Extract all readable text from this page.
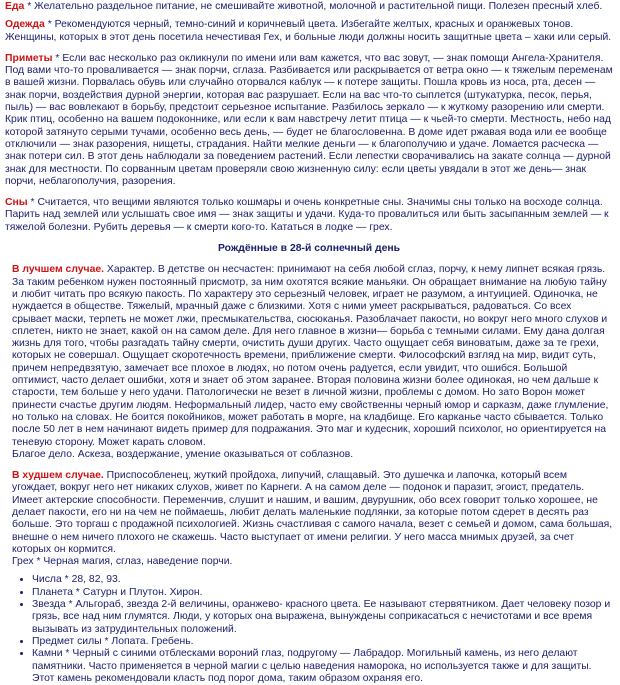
Еда * Желательно раздельное питание, не смешивайте животной, молочной и растительной пищи. Полезен пресный хлеб.

Одежда * Рекомендуются черный, темно-синий и коричневый цвета. Избегайте желтых, красных и оранжевых тонов. Женщины, которых в этот день посетила нечестивая Гех, и больные люди должны носить защитные цвета – хаки или серый.

Приметы * Если вас несколько раз окликнули по имени или вам кажется, что вас зовут, — знак помощи Ангела-Хранителя. Под вами что-то проваливается — знак порчи, сглаза. Разбивается или раскрывается от ветра окно — к тяжелым переменам в вашей жизни. Порвалась обувь или случайно оторвался каблук — к потере защиты. Пошла кровь из носа, рта, десен — знак порчи, воздействия дурной энергии, которая вас разрушает. Если на вас что-то сыплется (штукатурка, песок, перья, пыль) — вас вовлекают в борьбу, предстоит серьезное испытание. Разбилось зеркало — к жуткому разорению или смерти. Крик птиц, особенно на вашем подоконнике, или если к вам навстречу летит птица — к чьей-то смерти. Местность, небо над которой затянуто серыми тучами, особенно весь день, — будет не благословенна. В доме идет ржавая вода или ее вообще отключили — знак разорения, нищеты, страдания. Найти мелкие деньги — к благополучию и удаче. Ломается расческа — знак потери сил. В этот день наблюдали за поведением растений. Если лепестки сворачивались на закате солнца — дурной знак для местности. По сорванным цветам проверяли свою жизненную силу: если цветы увядали в этот же день— знак порчи, неблагополучия, разорения.

Сны * Считается, что вещими являются только кошмары и очень конкретные сны. Значимы сны только на восходе солнца. Парить над землей или услышать свое имя — знак защиты и удачи. Куда-то провалиться или быть засыпанным землей — к тяжелой болезни. Рубить деревья — к смерти кого-то. Кататься в лодке — грех.

Рождённые в 28-й солнечный день

В лучшем случае. Характер. В детстве он несчастен: принимают на себя любой сглаз, порчу, к нему липнет всякая грязь. За таким ребенком нужен постоянный присмотр, за ним охотятся всякие маньяки. Он обращает внимание на любую тайну и любит читать про всякую пакость. По характеру это серьезный человек, играет не разумом, а интуицией. Одиночка, не нуждается в обществе. Тяжелый, мрачный даже с близкими. Хотя с ними умеет раскрываться, радоваться. Со всех срывает маски, терпеть не может лжи, пресмыкательства, сюсюканья. Разоблачает пакости, но вокруг него много слухов и сплетен, никто не знает, какой он на самом деле. Для него главное в жизни— борьба с темными силами. Ему дана долгая жизнь для того, чтобы разгадать тайну смерти, очистить души других. Часто ощущает себя виноватым, даже за те грехи, которых не совершал. Ощущает скоротечность времени, приближение смерти. Философский взгляд на мир, видит суть, причем непредвзятую, замечает все плохое в людях, но потом очень радуется, если увидит, что ошибся. Большой оптимист, часто делает ошибки, хотя и знает об этом заранее. Вторая половина жизни более одинокая, но чем дальше к старости, тем больше у него удачи. Патологически не везет в личной жизни, проблемы с домом. Но зато Ворон может принести счастье другим людям. Неформальный лидер, часто ему свойственны черный юмор и сарказм, даже глумление, но только на словах. Не боится покойников, может работать в морге, на кладбище. Его карканье часто сбывается. Только после 50 лет в нем начинают видеть пример для подражания. Это маг и кудесник, хороший психолог, но ориентируется на теневую сторону. Может карать словом.

Благое дело. Аскеза, воздержание, умение оказываться от соблазнов.

В худшем случае. Приспособленец, жуткий пройдоха, липучий, слащавый. Это душечка и лапочка, который всем угождает, вокруг него нет никаких слухов, живет по Карнеги. А на самом деле — подонок и паразит, эгоист, предатель. Имеет актерские способности. Переменчив, слушит и нашим, и вашим, двурушник, обо всех говорит только хорошее, не делает пакости, его ни на чем не поймаешь, любит делать маленькие подлянки, за которые потом сдерет в десять раз больше. Это торгаш с продажной психологией. Жизнь счастливая с самого начала, везет с семьей и домом, сама большая, внешне о нем ничего плохого не скажешь. Часто выступает от имени религии. У него масса мнимых друзей, за счет которых он кормится.

Грех * Черная магия, сглаз, наведение порчи.

• Числа * 28, 82, 93.
• Планета * Сатурн и Плутон. Хирон.
• Звезда * Альгораб, звезда 2-й величины, оранжево- красного цвета. Ее называют стервятником. Дает человеку позор и грязь, все над ним глумятся. Люди, у которых она выражена, вынуждены соприкасаться с нечистотами и все время вызывать из затрудинтельных положений.
• Предмет силы * Лопата. Гребень.
• Камни * Черный с синими отблесками вороний глаз, подругому — Лабрадор. Могильный камень, из него делают памятники. Часто применяется в черной магии с целью наведения наморока, но используется также и для защиты. Этот камень рекомендовали класть под порог дома, таким образом охраняя его.
